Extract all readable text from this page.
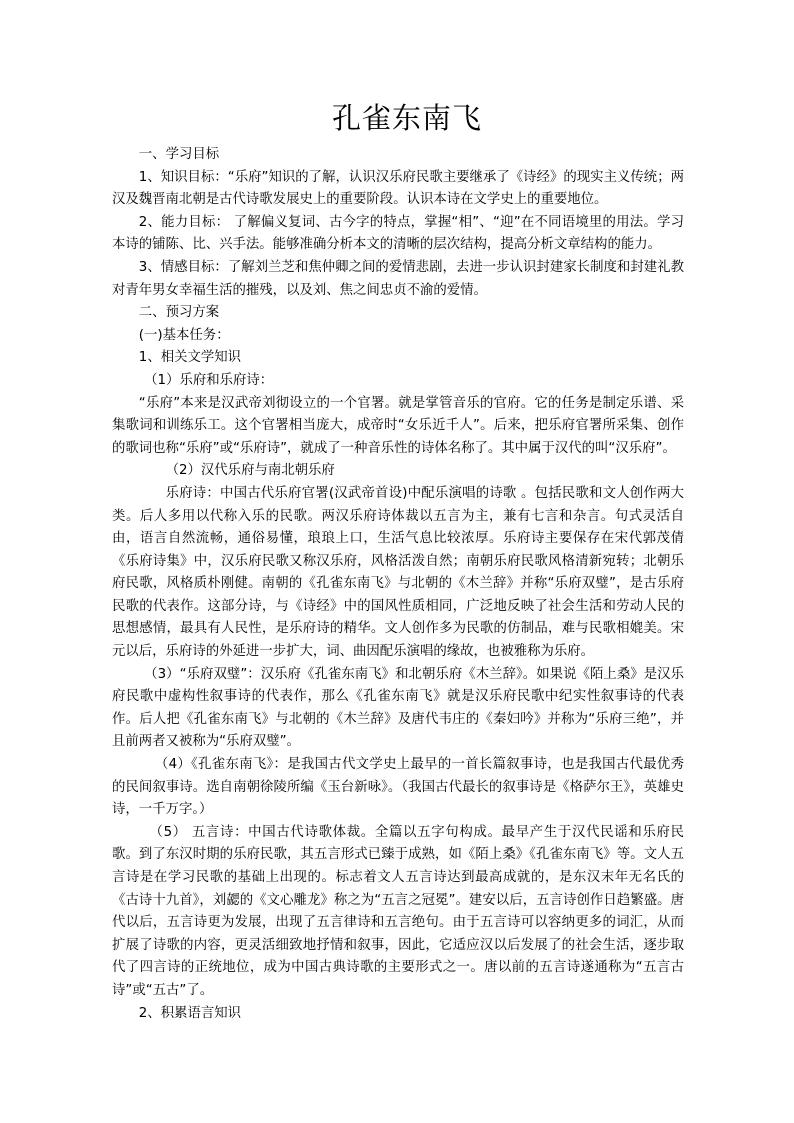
孔雀东南飞

一、学习目标

1、知识目标：“乐府”知识的了解，认识汉乐府民歌主要继承了《诗经》的现实主义传统；两汉及魏晋南北朝是古代诗歌发展史上的重要阶段。认识本诗在文学史上的重要地位。

2、能力目标： 了解偏义复词、古今字的特点，掌握“相”、“迎”在不同语境里的用法。学习本诗的铺陈、比、兴手法。能够准确分析本文的清晰的层次结构，提高分析文章结构的能力。

3、情感目标：了解刘兰芝和焦仲卿之间的爱情悲剧，去进一步认识封建家长制度和封建礼教对青年男女幸福生活的摧残，以及刘、焦之间忠贞不渝的爱情。

二、预习方案

(一)基本任务：

1、相关文学知识

（1）乐府和乐府诗：

“乐府”本来是汉武帝刘彻设立的一个官署。就是掌管音乐的官府。它的任务是制定乐谱、采集歌词和训练乐工。这个官署相当庞大，成帝时“女乐近千人”。后来，把乐府官署所采集、创作的歌词也称“乐府”或“乐府诗”，就成了一种音乐性的诗体名称了。其中属于汉代的叫“汉乐府”。

（2）汉代乐府与南北朝乐府

乐府诗：中国古代乐府官署(汉武帝首设)中配乐演唱的诗歌 。包括民歌和文人创作两大类。后人多用以代称入乐的民歌。两汉乐府诗体裁以五言为主，兼有七言和杂言。句式灵活自由，语言自然流畅，通俗易懂，琅琅上口，生活气息比较浓厚。乐府诗主要保存在宋代郭茂倩《乐府诗集》中，汉乐府民歌又称汉乐府，风格活泼自然；南朝乐府民歌风格清新宛转；北朝乐府民歌，风格质朴刚健。南朝的《孔雀东南飞》与北朝的《木兰辞》并称“乐府双璧”，是古乐府民歌的代表作。这部分诗，与《诗经》中的国风性质相同，广泛地反映了社会生活和劳动人民的思想感情，最具有人民性，是乐府诗的精华。文人创作多为民歌的仿制品，难与民歌相媲美。宋元以后，乐府诗的外延进一步扩大，词、曲因配乐演唱的缘故，也被雅称为乐府。

（3）“乐府双璧”：汉乐府《孔雀东南飞》和北朝乐府《木兰辞》。如果说《陌上桑》是汉乐府民歌中虚构性叙事诗的代表作，那么《孔雀东南飞》就是汉乐府民歌中纪实性叙事诗的代表作。后人把《孔雀东南飞》与北朝的《木兰辞》及唐代韦庄的《秦妇吟》并称为“乐府三绝”，并且前两者又被称为“乐府双璧”。

（4）《孔雀东南飞》：是我国古代文学史上最早的一首长篇叙事诗，也是我国古代最优秀的民间叙事诗。选自南朝徐陵所编《玉台新咏》。（我国古代最长的叙事诗是《格萨尔王》，英雄史诗，一千万字。）

（5） 五言诗：中国古代诗歌体裁。全篇以五字句构成。最早产生于汉代民谣和乐府民歌。到了东汉时期的乐府民歌，其五言形式已臻于成熟，如《陌上桑》《孔雀东南飞》等。文人五言诗是在学习民歌的基础上出现的。标志着文人五言诗达到最高成就的，是东汉末年无名氏的《古诗十九首》，刘勰的《文心雕龙》称之为“五言之冠冕”。建安以后，五言诗创作日趋繁盛。唐代以后，五言诗更为发展，出现了五言律诗和五言绝句。由于五言诗可以容纳更多的词汇，从而扩展了诗歌的内容，更灵活细致地抒情和叙事，因此，它适应汉以后发展了的社会生活，逐步取代了四言诗的正统地位，成为中国古典诗歌的主要形式之一。唐以前的五言诗遂通称为“五言古诗”或“五古”了。

2、积累语言知识
